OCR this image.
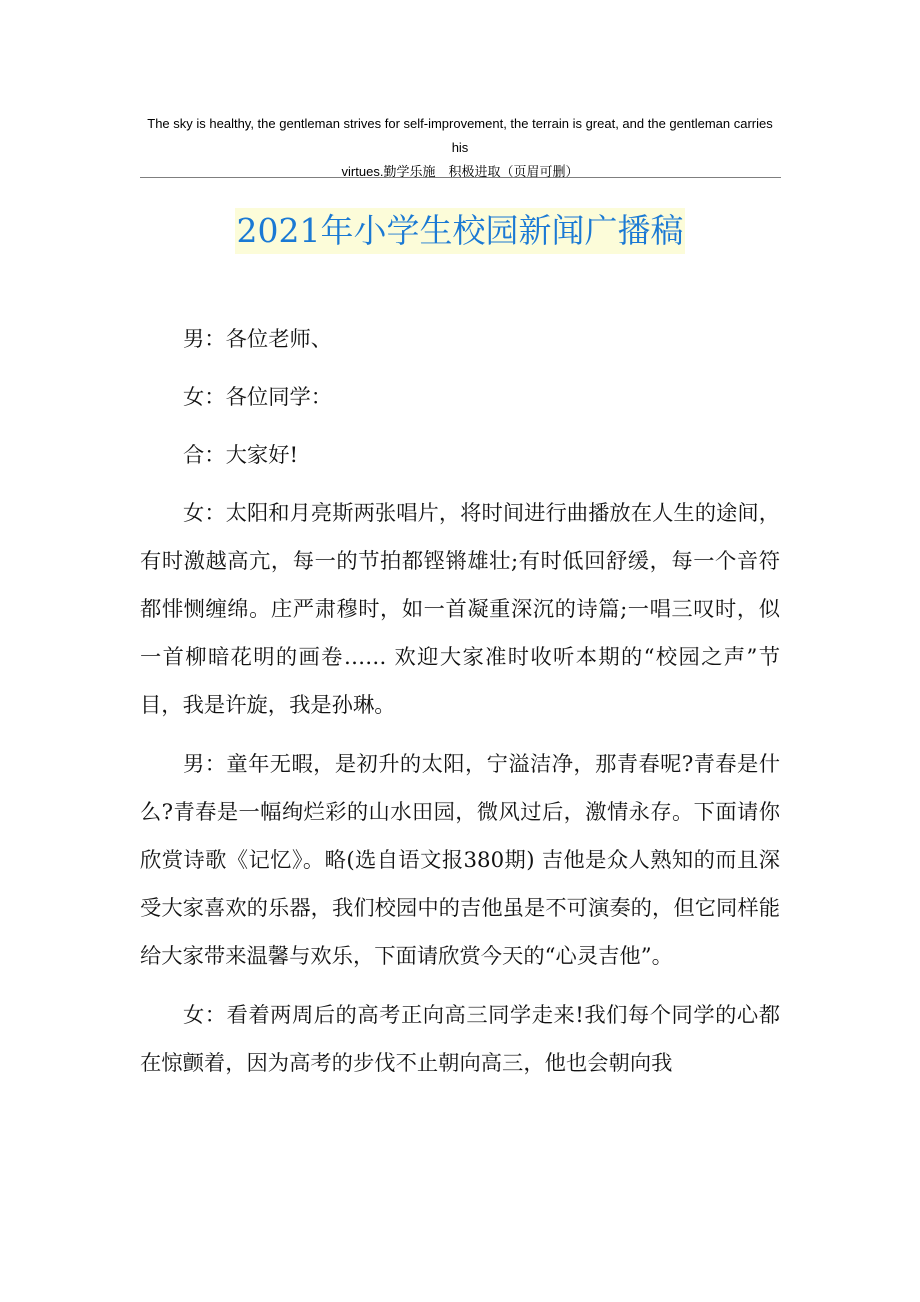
The sky is healthy, the gentleman strives for self-improvement, the terrain is great, and the gentleman carries his
virtues.勤学乐施　积极进取（页眉可删）
2021年小学生校园新闻广播稿

男：各位老师、

女：各位同学：

合：大家好!

女：太阳和月亮斯两张唱片，将时间进行曲播放在人生的途间，有时激越高亢，每一的节拍都铿锵雄壮;有时低回舒缓，每一个音符都悱恻缠绵。庄严肃穆时，如一首凝重深沉的诗篇;一唱三叹时，似一首柳暗花明的画卷…… 欢迎大家准时收听本期的“校园之声”节目，我是许旋，我是孙琳。

男：童年无暇，是初升的太阳，宁溢洁净，那青春呢?青春是什么?青春是一幅绚烂彩的山水田园，微风过后，激情永存。下面请你欣赏诗歌《记忆》。略(选自语文报380期) 吉他是众人熟知的而且深受大家喜欢的乐器，我们校园中的吉他虽是不可演奏的，但它同样能给大家带来温馨与欢乐，下面请欣赏今天的“心灵吉他”。

女：看着两周后的高考正向高三同学走来!我们每个同学的心都在惊颤着，因为高考的步伐不止朝向高三，他也会朝向我
